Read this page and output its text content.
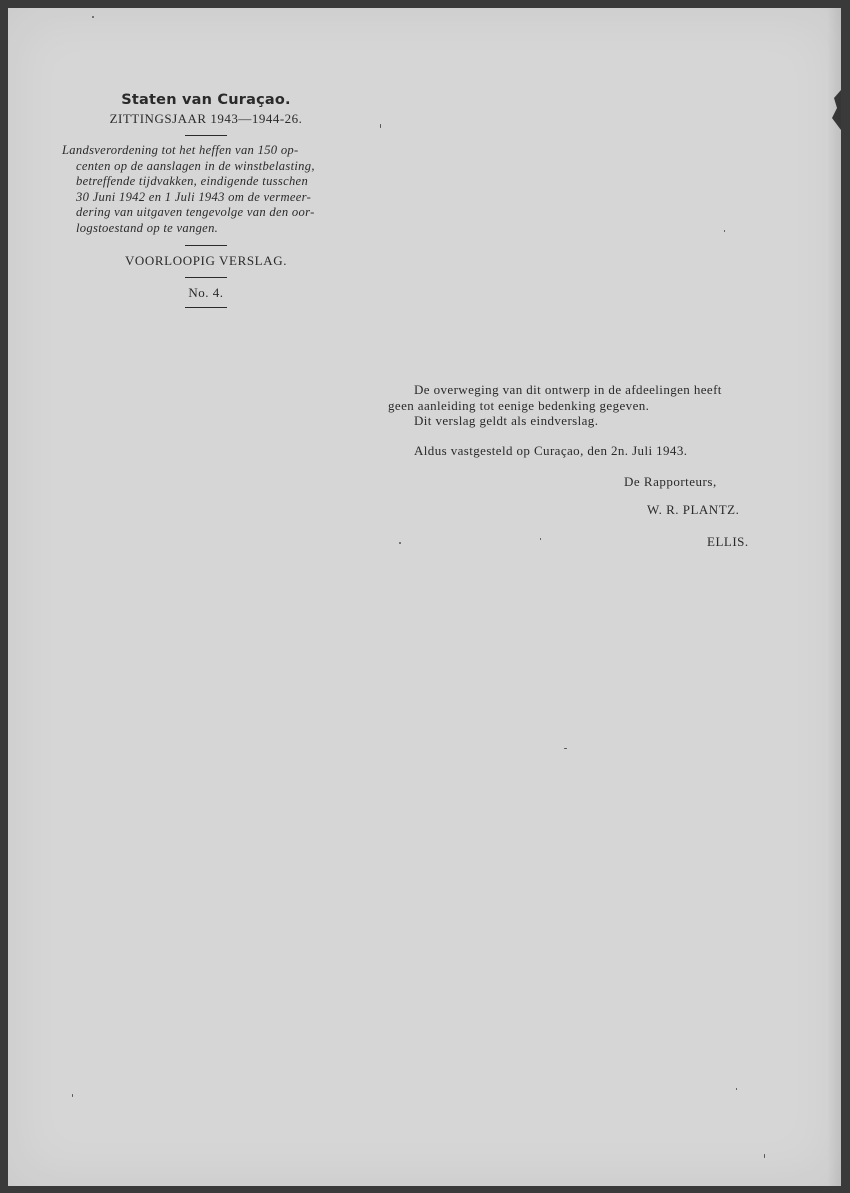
Staten van Curaçao.
ZITTINGSJAAR 1943—1944-26.
Landsverordening tot het heffen van 150 op-
centen op de aanslagen in de winstbelasting,
betreffende tijdvakken, eindigende tusschen
30 Juni 1942 en 1 Juli 1943 om de vermeer-
dering van uitgaven tengevolge van den oor-
logstoestand op te vangen.
VOORLOOPIG VERSLAG.
No. 4.
De overweging van dit ontwerp in de afdeelingen heeft
geen aanleiding tot eenige bedenking gegeven.
Dit verslag geldt als eindverslag.
Aldus vastgesteld op Curaçao, den 2n. Juli 1943.
De Rapporteurs,
W. R. PLANTZ.
ELLIS.
